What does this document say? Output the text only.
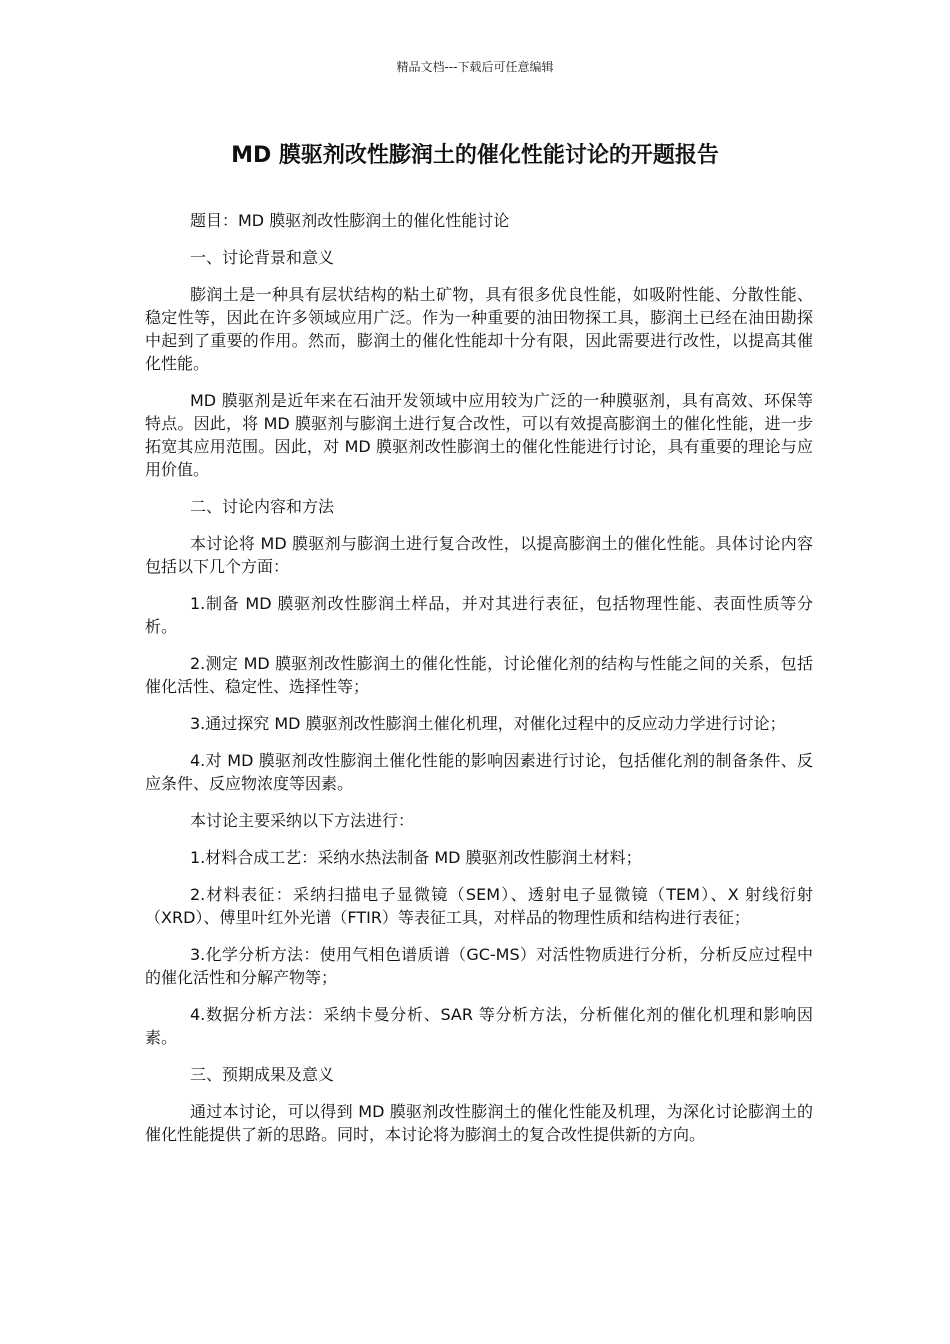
精品文档---下载后可任意编辑
MD 膜驱剂改性膨润土的催化性能讨论的开题报告

题目：MD 膜驱剂改性膨润土的催化性能讨论

一、讨论背景和意义

膨润土是一种具有层状结构的粘土矿物，具有很多优良性能，如吸附性能、分散性能、稳定性等，因此在许多领域应用广泛。作为一种重要的油田物探工具，膨润土已经在油田勘探中起到了重要的作用。然而，膨润土的催化性能却十分有限，因此需要进行改性，以提高其催化性能。

MD 膜驱剂是近年来在石油开发领域中应用较为广泛的一种膜驱剂，具有高效、环保等特点。因此，将 MD 膜驱剂与膨润土进行复合改性，可以有效提高膨润土的催化性能，进一步拓宽其应用范围。因此，对 MD 膜驱剂改性膨润土的催化性能进行讨论，具有重要的理论与应用价值。

二、讨论内容和方法

本讨论将 MD 膜驱剂与膨润土进行复合改性，以提高膨润土的催化性能。具体讨论内容包括以下几个方面：

1.制备 MD 膜驱剂改性膨润土样品，并对其进行表征，包括物理性能、表面性质等分析。

2.测定 MD 膜驱剂改性膨润土的催化性能，讨论催化剂的结构与性能之间的关系，包括催化活性、稳定性、选择性等；

3.通过探究 MD 膜驱剂改性膨润土催化机理，对催化过程中的反应动力学进行讨论；

4.对 MD 膜驱剂改性膨润土催化性能的影响因素进行讨论，包括催化剂的制备条件、反应条件、反应物浓度等因素。

本讨论主要采纳以下方法进行：

1.材料合成工艺：采纳水热法制备 MD 膜驱剂改性膨润土材料；

2.材料表征：采纳扫描电子显微镜（SEM）、透射电子显微镜（TEM）、X 射线衍射（XRD）、傅里叶红外光谱（FTIR）等表征工具，对样品的物理性质和结构进行表征；

3.化学分析方法：使用气相色谱质谱（GC-MS）对活性物质进行分析，分析反应过程中的催化活性和分解产物等；

4.数据分析方法：采纳卡曼分析、SAR 等分析方法，分析催化剂的催化机理和影响因素。

三、预期成果及意义

通过本讨论，可以得到 MD 膜驱剂改性膨润土的催化性能及机理，为深化讨论膨润土的催化性能提供了新的思路。同时，本讨论将为膨润土的复合改性提供新的方向。
